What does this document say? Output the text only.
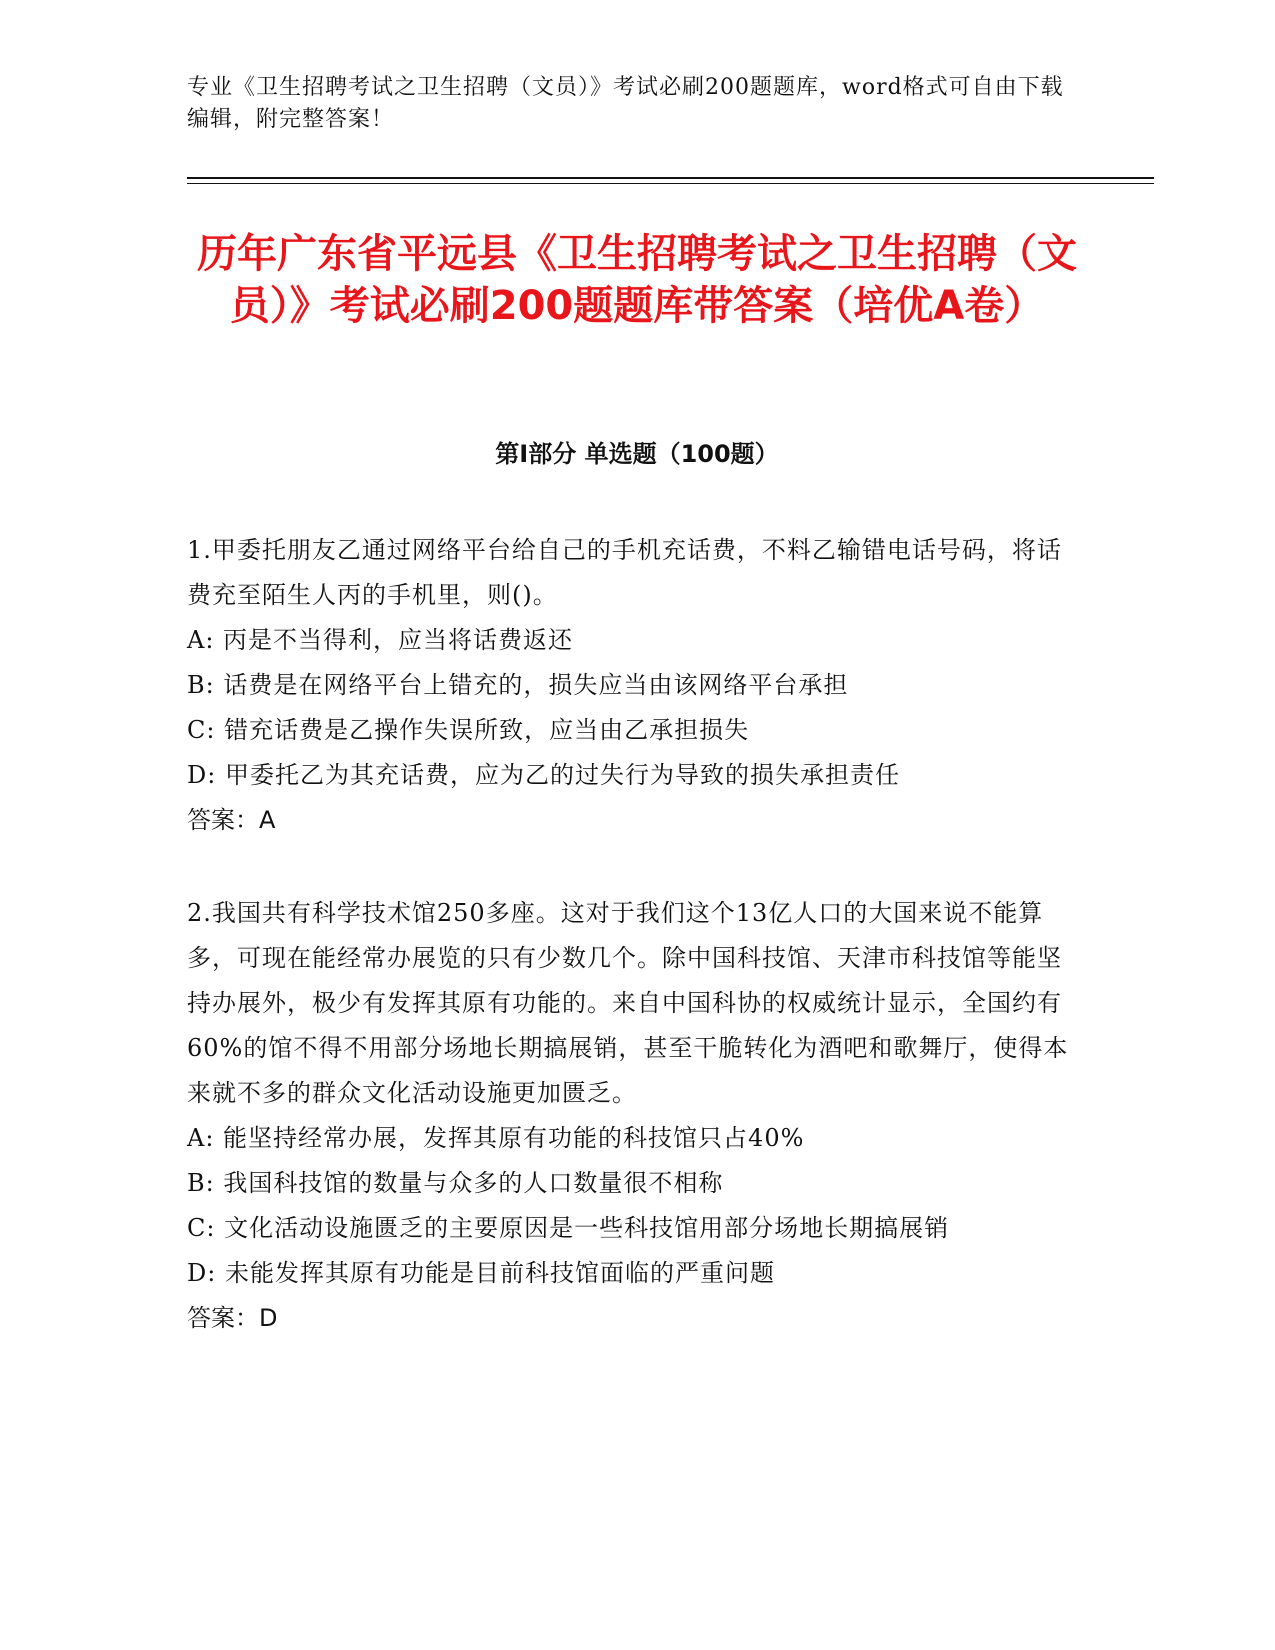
专业《卫生招聘考试之卫生招聘（文员）》考试必刷200题题库，word格式可自由下载编辑，附完整答案！
历年广东省平远县《卫生招聘考试之卫生招聘（文员）》考试必刷200题题库带答案（培优A卷）
第I部分 单选题（100题）
1.甲委托朋友乙通过网络平台给自己的手机充话费，不料乙输错电话号码，将话费充至陌生人丙的手机里，则()。
A: 丙是不当得利，应当将话费返还
B: 话费是在网络平台上错充的，损失应当由该网络平台承担
C: 错充话费是乙操作失误所致，应当由乙承担损失
D: 甲委托乙为其充话费，应为乙的过失行为导致的损失承担责任
答案：A
2.我国共有科学技术馆250多座。这对于我们这个13亿人口的大国来说不能算多，可现在能经常办展览的只有少数几个。除中国科技馆、天津市科技馆等能坚持办展外，极少有发挥其原有功能的。来自中国科协的权威统计显示，全国约有60%的馆不得不用部分场地长期搞展销，甚至干脆转化为酒吧和歌舞厅，使得本来就不多的群众文化活动设施更加匮乏。
A: 能坚持经常办展，发挥其原有功能的科技馆只占40%
B: 我国科技馆的数量与众多的人口数量很不相称
C: 文化活动设施匮乏的主要原因是一些科技馆用部分场地长期搞展销
D: 未能发挥其原有功能是目前科技馆面临的严重问题
答案：D
